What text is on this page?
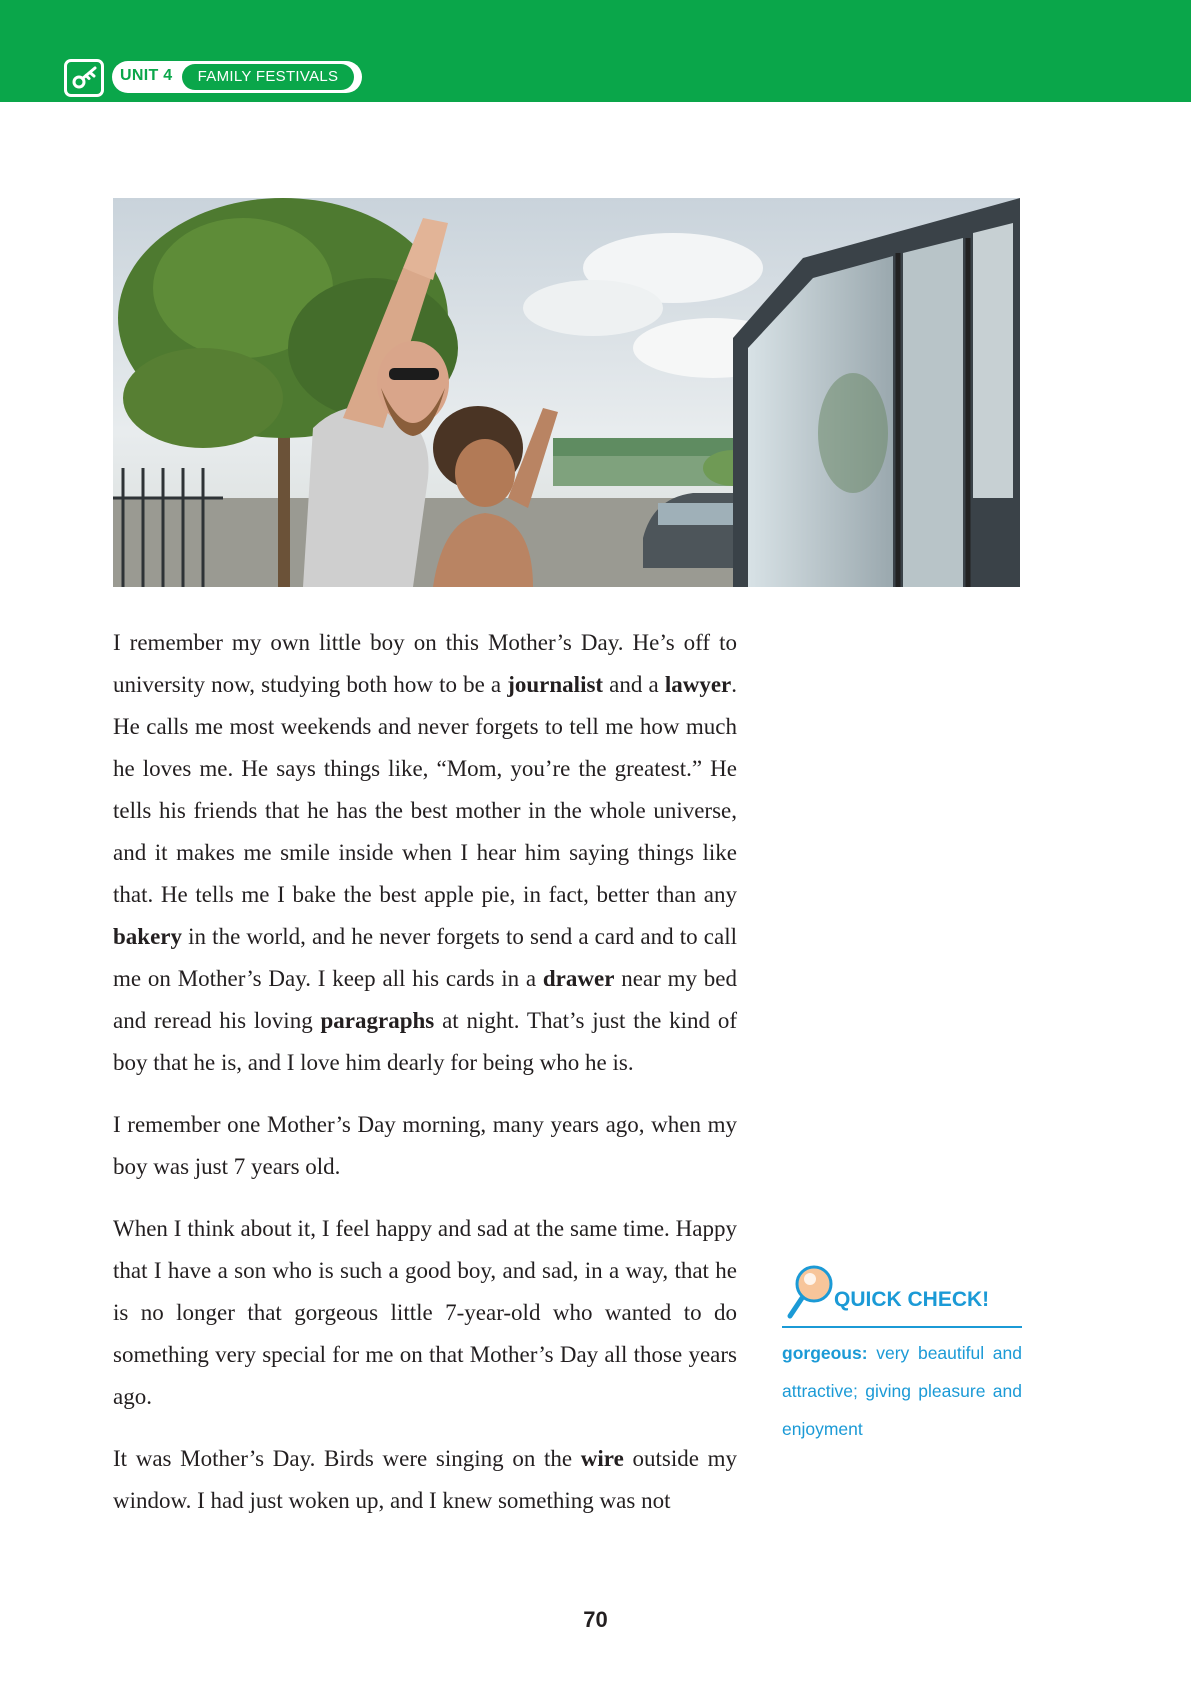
UNIT 4	FAMILY FESTIVALS

I remember my own little boy on this Mother’s Day. He’s off to university now, studying both how to be a journalist and a lawyer. He calls me most weekends and never forgets to tell me how much he loves me. He says things like, “Mom, you’re the greatest.” He tells his friends that he has the best mother in the whole universe, and it makes me smile inside when I hear him saying things like that. He tells me I bake the best apple pie, in fact, better than any bakery in the world, and he never forgets to send a card and to call me on Mother’s Day. I keep all his cards in a drawer near my bed and reread his loving paragraphs at night. That’s just the kind of boy that he is, and I love him dearly for being who he is.

I remember one Mother’s Day morning, many years ago, when my boy was just 7 years old.

When I think about it, I feel happy and sad at the same time. Happy that I have a son who is such a good boy, and sad, in a way, that he is no longer that gorgeous little 7-year-old who wanted to do something very special for me on that Mother’s Day all those years ago.

It was Mother’s Day. Birds were singing on the wire outside my window. I had just woken up, and I knew something was not

QUICK CHECK!
gorgeous: very beautiful and attractive; giving pleasure and enjoyment
70
